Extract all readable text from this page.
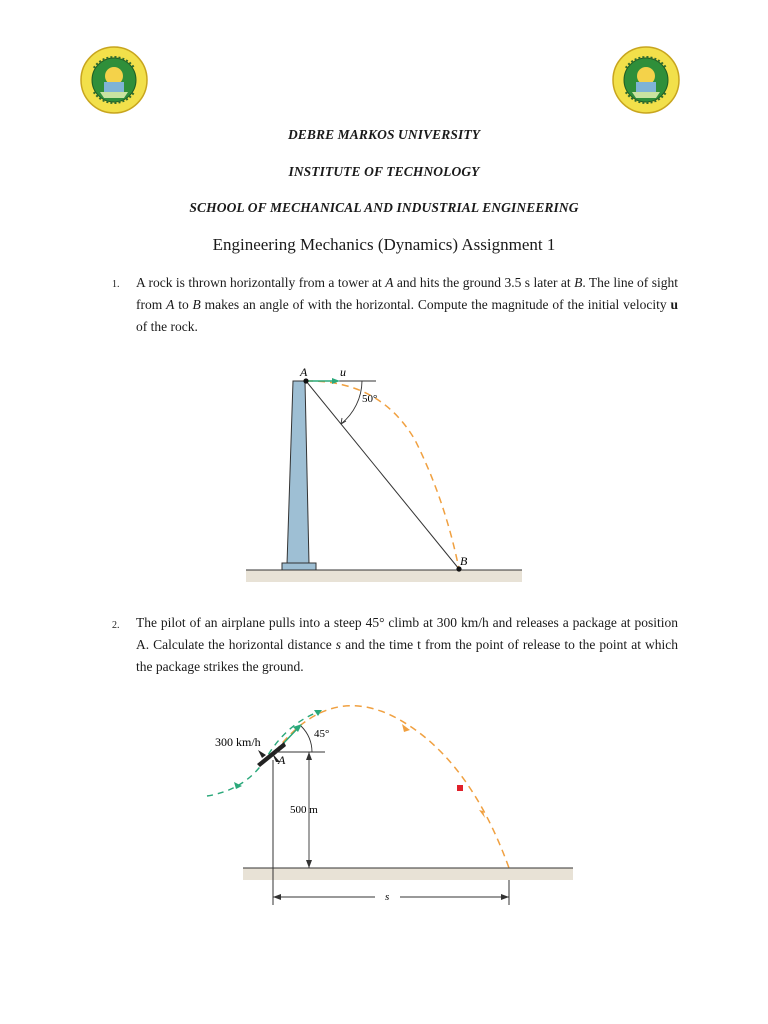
DEBRE MARKOS UNIVERSITY
INSTITUTE OF TECHNOLOGY
SCHOOL OF MECHANICAL AND INDUSTRIAL ENGINEERING
Engineering Mechanics (Dynamics) Assignment 1
1. A rock is thrown horizontally from a tower at A and hits the ground 3.5 s later at B. The line of sight from A to B makes an angle of with the horizontal. Compute the magnitude of the initial velocity u of the rock.
A	u
50°
B
2. The pilot of an airplane pulls into a steep 45° climb at 300 km/h and releases a package at position A. Calculate the horizontal distance s and the time t from the point of release to the point at which the package strikes the ground.
300 km/h
45°
A
500 m
s
